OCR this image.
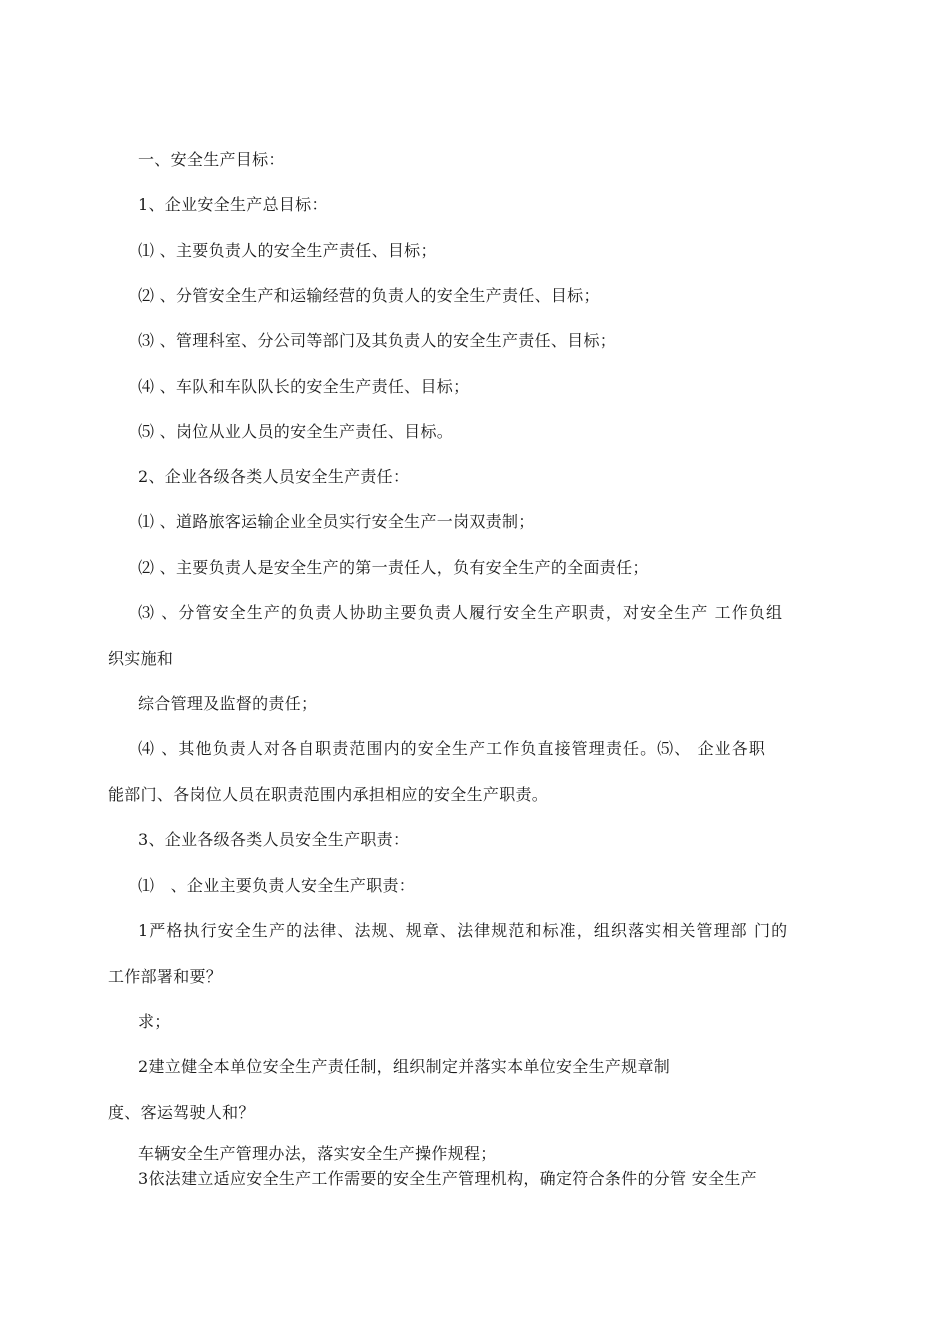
一、安全生产目标：
1、企业安全生产总目标：
⑴ 、主要负责人的安全生产责任、目标；
⑵ 、分管安全生产和运输经营的负责人的安全生产责任、目标；
⑶ 、管理科室、分公司等部门及其负责人的安全生产责任、目标；
⑷ 、车队和车队队长的安全生产责任、目标；
⑸ 、岗位从业人员的安全生产责任、目标。
2、企业各级各类人员安全生产责任：
⑴ 、道路旅客运输企业全员实行安全生产一岗双责制；
⑵ 、主要负责人是安全生产的第一责任人，负有安全生产的全面责任；
⑶ 、分管安全生产的负责人协助主要负责人履行安全生产职责，对安全生产 工作负组
织实施和
综合管理及监督的责任；
⑷ 、其他负责人对各自职责范围内的安全生产工作负直接管理责任。⑸、 企业各职
能部门、各岗位人员在职责范围内承担相应的安全生产职责。
3、企业各级各类人员安全生产职责：
⑴　、企业主要负责人安全生产职责：
1严格执行安全生产的法律、法规、规章、法律规范和标准，组织落实相关管理部 门的
工作部署和要？
求；
2建立健全本单位安全生产责任制，组织制定并落实本单位安全生产规章制
度、客运驾驶人和？
车辆安全生产管理办法，落实安全生产操作规程；
3依法建立适应安全生产工作需要的安全生产管理机构，确定符合条件的分管 安全生产
